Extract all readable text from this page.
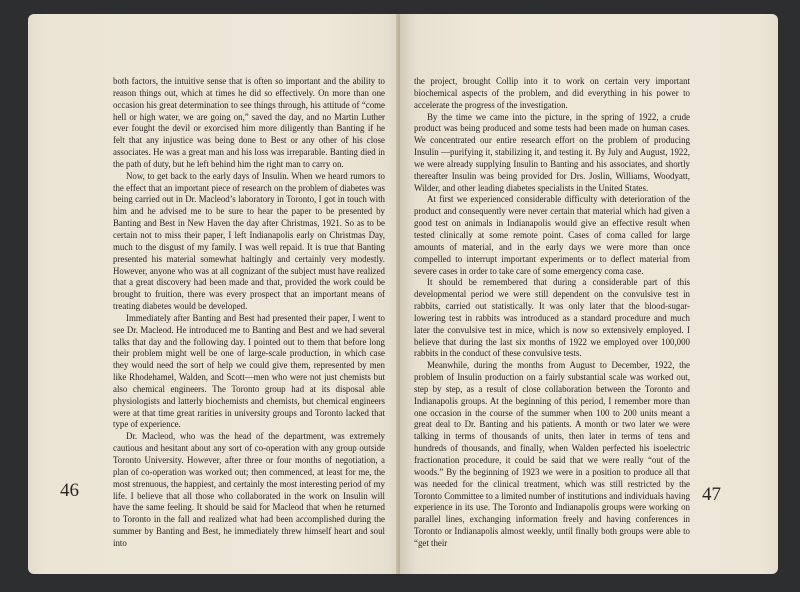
both factors, the intuitive sense that is often so important and the ability to reason things out, which at times he did so effectively. On more than one occasion his great determination to see things through, his attitude of “come hell or high water, we are going on,” saved the day, and no Martin Luther ever fought the devil or exorcised him more diligently than Banting if he felt that any injustice was being done to Best or any other of his close associates. He was a great man and his loss was irreparable. Banting died in the path of duty, but he left behind him the right man to carry on.

Now, to get back to the early days of Insulin. When we heard rumors to the effect that an important piece of research on the problem of diabetes was being carried out in Dr. Macleod’s laboratory in Toronto, I got in touch with him and he advised me to be sure to hear the paper to be presented by Banting and Best in New Haven the day after Christmas, 1921. So as to be certain not to miss their paper, I left Indianapolis early on Christmas Day, much to the disgust of my family. I was well repaid. It is true that Banting presented his material somewhat haltingly and certainly very modestly. However, anyone who was at all cognizant of the subject must have realized that a great discovery had been made and that, provided the work could be brought to fruition, there was every prospect that an important means of treating diabetes would be developed.

Immediately after Banting and Best had presented their paper, I went to see Dr. Macleod. He introduced me to Banting and Best and we had several talks that day and the following day. I pointed out to them that before long their problem might well be one of large-scale production, in which case they would need the sort of help we could give them, represented by men like Rhodehamel, Walden, and Scott—men who were not just chemists but also chemical engineers. The Toronto group had at its disposal able physiologists and latterly biochemists and chemists, but chemical engineers were at that time great rarities in university groups and Toronto lacked that type of experience.

Dr. Macleod, who was the head of the department, was extremely cautious and hesitant about any sort of co-operation with any group outside Toronto University. However, after three or four months of negotiation, a plan of co-operation was worked out; then commenced, at least for me, the most strenuous, the happiest, and certainly the most interesting period of my life. I believe that all those who collaborated in the work on Insulin will have the same feeling. It should be said for Macleod that when he returned to Toronto in the fall and realized what had been accomplished during the summer by Banting and Best, he immediately threw himself heart and soul into

46

the project, brought Collip into it to work on certain very important biochemical aspects of the problem, and did everything in his power to accelerate the progress of the investigation.

By the time we came into the picture, in the spring of 1922, a crude product was being produced and some tests had been made on human cases. We concentrated our entire research effort on the problem of producing Insulin —purifying it, stabilizing it, and testing it. By July and August, 1922, we were already supplying Insulin to Banting and his associates, and shortly thereafter Insulin was being provided for Drs. Joslin, Williams, Woodyatt, Wilder, and other leading diabetes specialists in the United States.

At first we experienced considerable difficulty with deterioration of the product and consequently were never certain that material which had given a good test on animals in Indianapolis would give an effective result when tested clinically at some remote point. Cases of coma called for large amounts of material, and in the early days we were more than once compelled to interrupt important experiments or to deflect material from severe cases in order to take care of some emergency coma case.

It should be remembered that during a considerable part of this developmental period we were still dependent on the convulsive test in rabbits, carried out statistically. It was only later that the blood-sugar-lowering test in rabbits was introduced as a standard procedure and much later the convulsive test in mice, which is now so extensively employed. I believe that during the last six months of 1922 we employed over 100,000 rabbits in the conduct of these convulsive tests.

Meanwhile, during the months from August to December, 1922, the problem of Insulin production on a fairly substantial scale was worked out, step by step, as a result of close collaboration between the Toronto and Indianapolis groups. At the beginning of this period, I remember more than one occasion in the course of the summer when 100 to 200 units meant a great deal to Dr. Banting and his patients. A month or two later we were talking in terms of thousands of units, then later in terms of tens and hundreds of thousands, and finally, when Walden perfected his isoelectric fractionation procedure, it could be said that we were really “out of the woods.” By the beginning of 1923 we were in a position to produce all that was needed for the clinical treatment, which was still restricted by the Toronto Committee to a limited number of institutions and individuals having experience in its use. The Toronto and Indianapolis groups were working on parallel lines, exchanging information freely and having conferences in Toronto or Indianapolis almost weekly, until finally both groups were able to “get their

47
